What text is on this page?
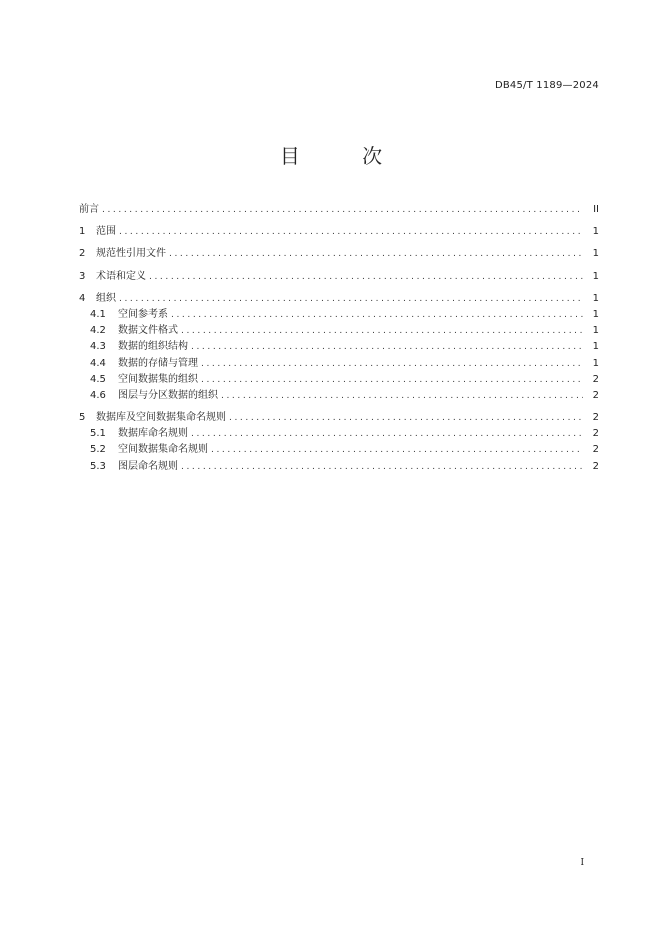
DB45/T 1189—2024
目 次
前言 .....	II
1	范围 .....	1
2	规范性引用文件 .....	1
3	术语和定义 .....	1
4	组织 .....	1
4.1	空间参考系 .....	1
4.2	数据文件格式 .....	1
4.3	数据的组织结构 .....	1
4.4	数据的存储与管理 .....	1
4.5	空间数据集的组织 .....	2
4.6	图层与分区数据的组织 .....	2
5	数据库及空间数据集命名规则 .....	2
5.1	数据库命名规则 .....	2
5.2	空间数据集命名规则 .....	2
5.3	图层命名规则 .....	2
I
